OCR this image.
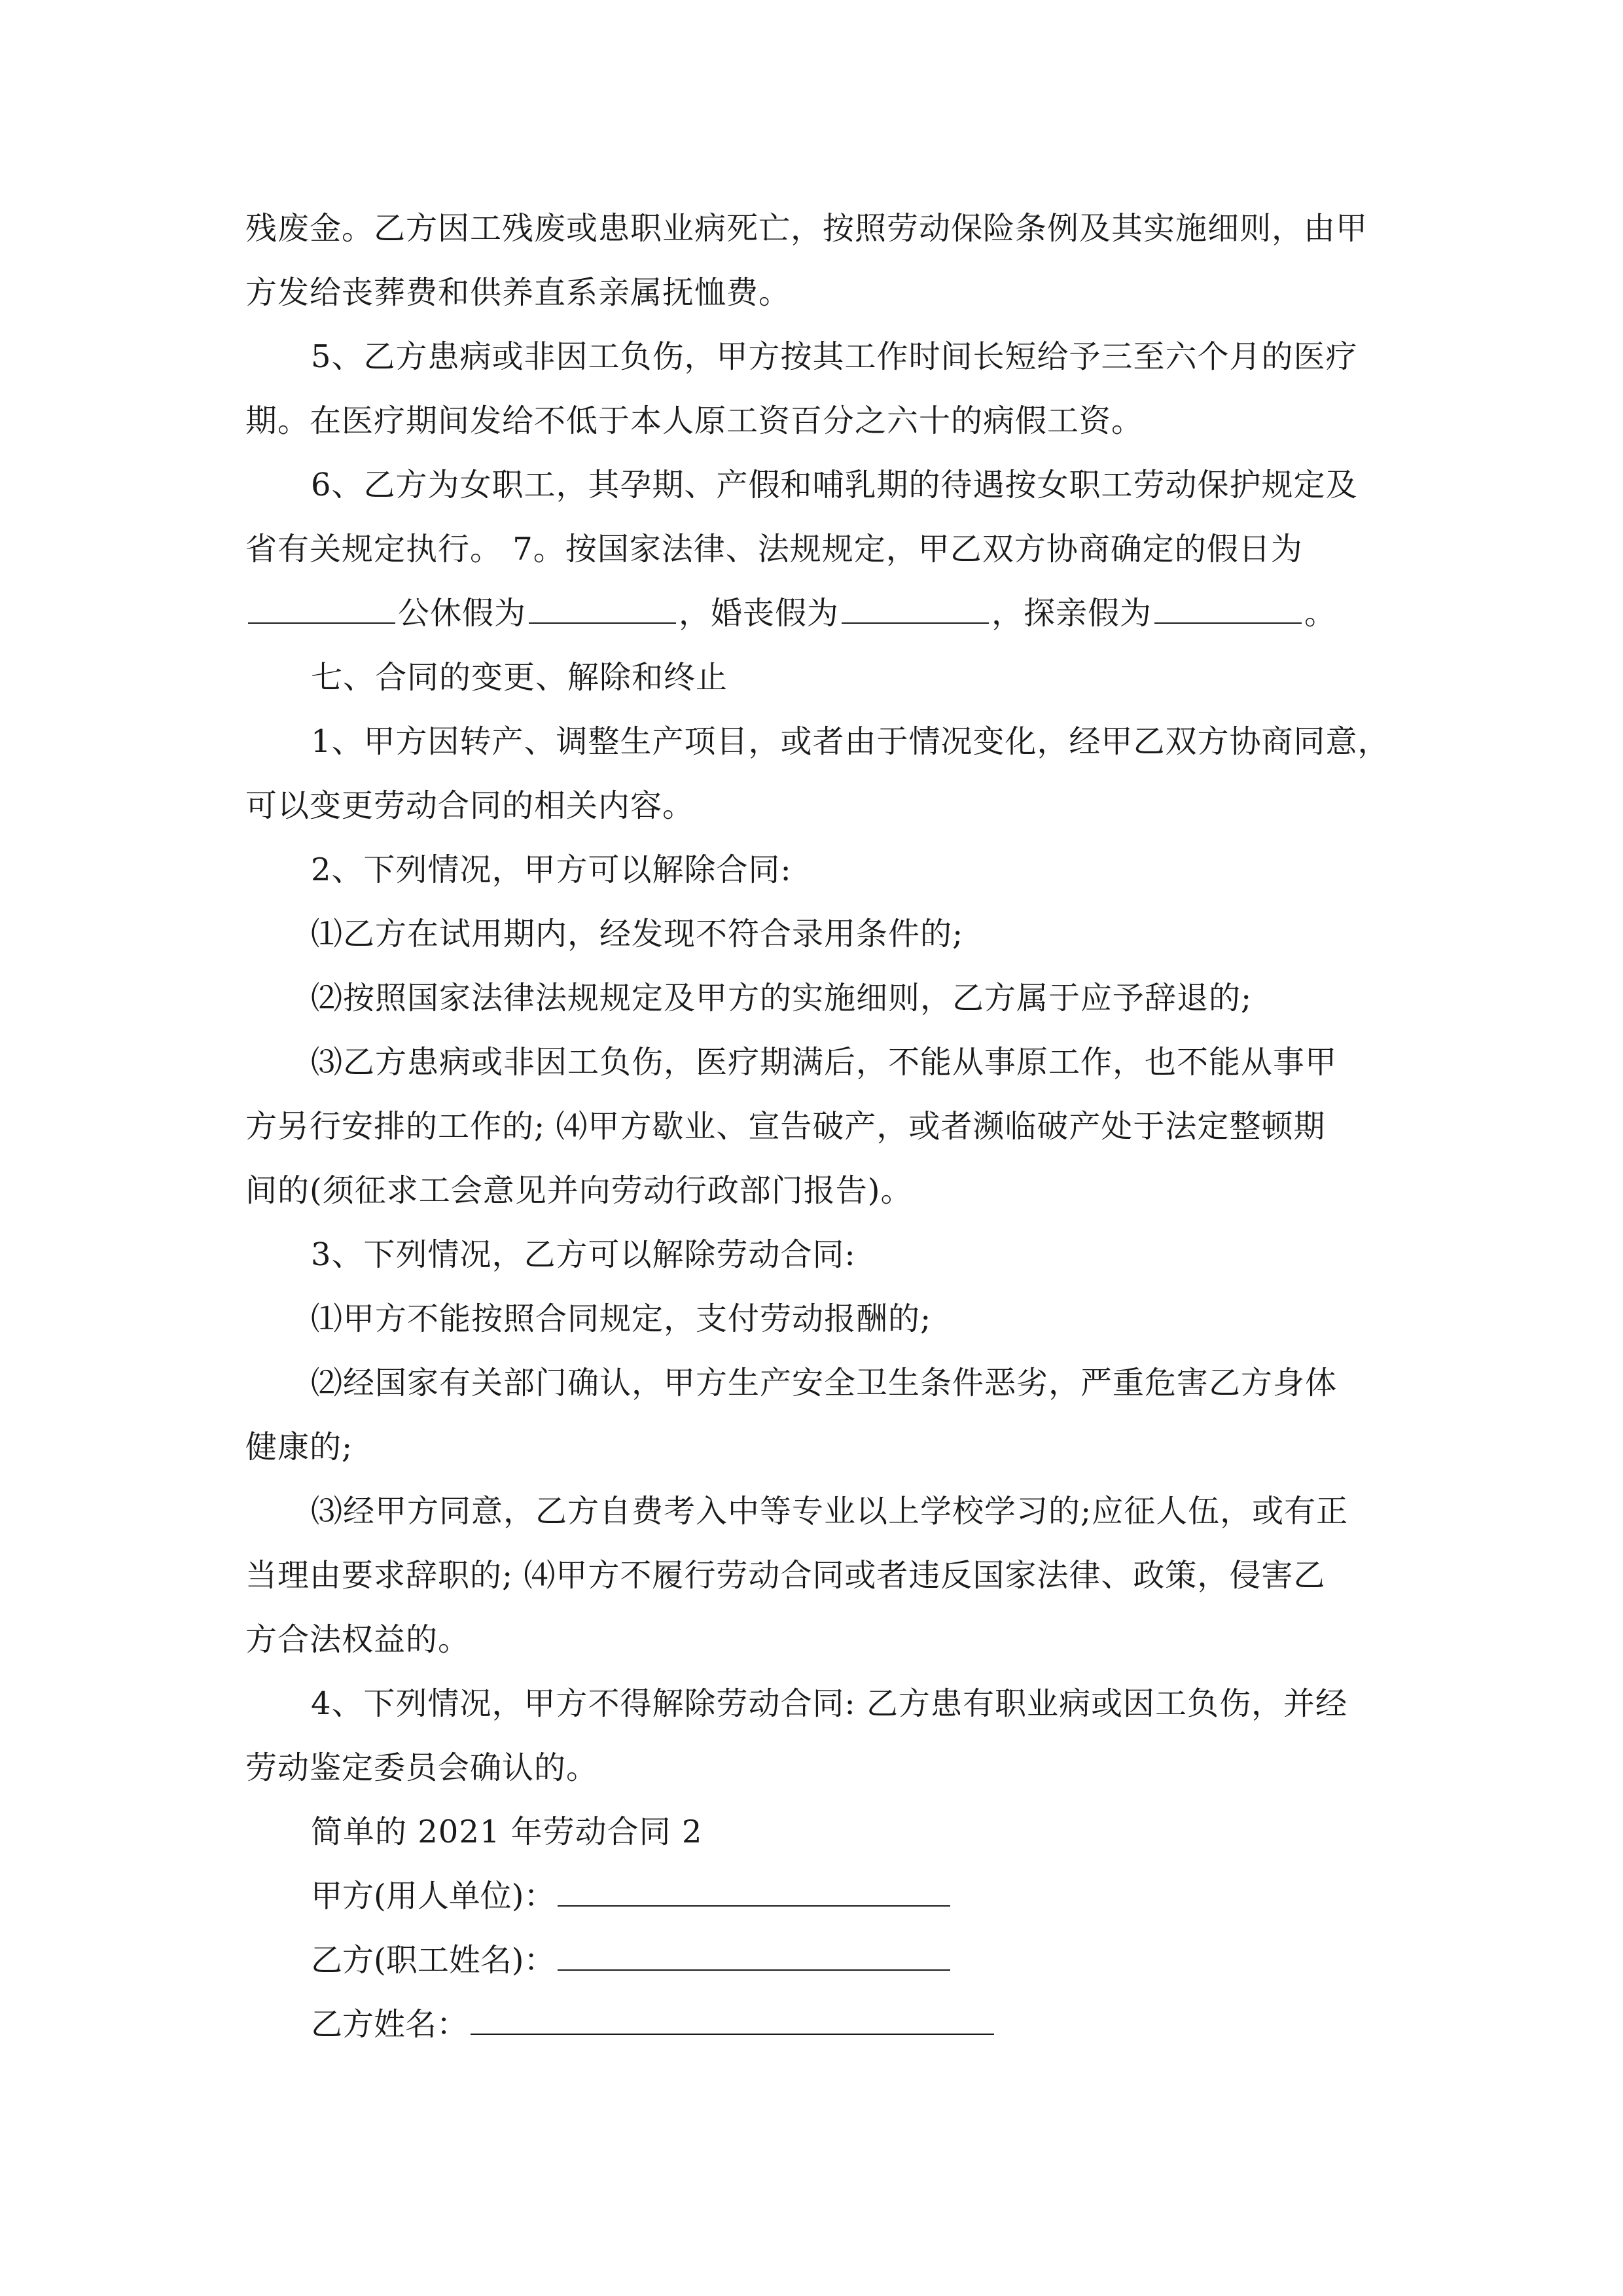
残废金。乙方因工残废或患职业病死亡，按照劳动保险条例及其实施细则，由甲
方发给丧葬费和供养直系亲属抚恤费。
5、乙方患病或非因工负伤，甲方按其工作时间长短给予三至六个月的医疗
期。在医疗期间发给不低于本人原工资百分之六十的病假工资。
6、乙方为女职工，其孕期、产假和哺乳期的待遇按女职工劳动保护规定及
省有关规定执行。 7。按国家法律、法规规定，甲乙双方协商确定的假日为
公休假为	，婚丧假为	，探亲假为	。
七、合同的变更、解除和终止
1、甲方因转产、调整生产项目，或者由于情况变化，经甲乙双方协商同意，
可以变更劳动合同的相关内容。
2、下列情况，甲方可以解除合同:
⑴乙方在试用期内，经发现不符合录用条件的;
⑵按照国家法律法规规定及甲方的实施细则，乙方属于应予辞退的;
⑶乙方患病或非因工负伤，医疗期满后，不能从事原工作，也不能从事甲
方另行安排的工作的; ⑷甲方歇业、宣告破产，或者濒临破产处于法定整顿期
间的(须征求工会意见并向劳动行政部门报告)。
3、下列情况，乙方可以解除劳动合同:
⑴甲方不能按照合同规定，支付劳动报酬的;
⑵经国家有关部门确认，甲方生产安全卫生条件恶劣，严重危害乙方身体
健康的;
⑶经甲方同意，乙方自费考入中等专业以上学校学习的;应征人伍，或有正
当理由要求辞职的; ⑷甲方不履行劳动合同或者违反国家法律、政策，侵害乙
方合法权益的。
4、下列情况，甲方不得解除劳动合同: 乙方患有职业病或因工负伤，并经
劳动鉴定委员会确认的。
简单的 2021 年劳动合同 2
甲方(用人单位)：
乙方(职工姓名)：
乙方姓名：
